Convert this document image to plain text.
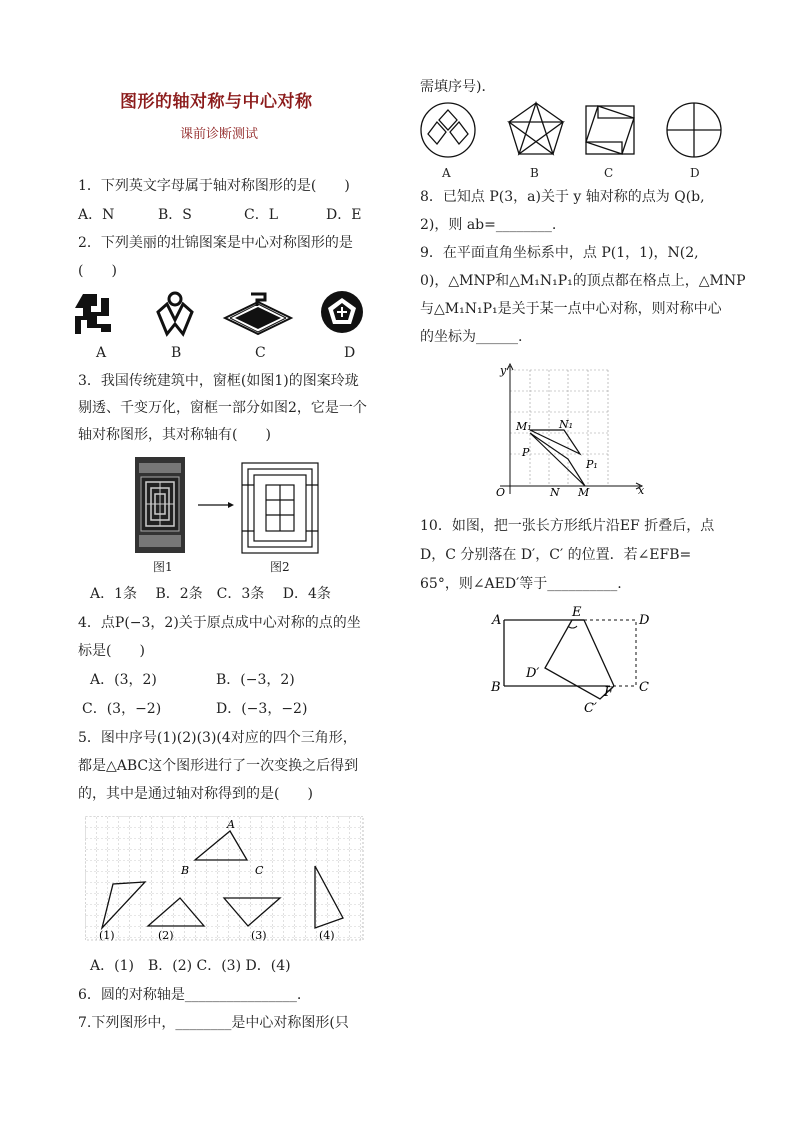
图形的轴对称与中心对称
课前诊断测试
1．下列英文字母属于轴对称图形的是(　　)
A．N	B．S	C．L	D．E
2．下列美丽的壮锦图案是中心对称图形的是
(　　)
A	B	C	D
3．我国传统建筑中，窗框(如图1)的图案玲珑
剔透、千变万化，窗框一部分如图2，它是一个
轴对称图形，其对称轴有(　　)
图1	图2
A．1条　 B．2条　C．3条　 D．4条
4．点P(−3，2)关于原点成中心对称的点的坐
标是(　　)
A．(3，2)	B．(−3，2)
C．(3，−2)	D．(−3，−2)
5．图中序号(1)(2)(3)(4对应的四个三角形，
都是△ABC这个图形进行了一次变换之后得到
的，其中是通过轴对称得到的是(　　)
A
B	C
(1)	(2)	(3)	(4)
A．(1)　B．(2) C．(3) D．(4)
6．圆的对称轴是________________.
7.下列图形中，________是中心对称图形(只
需填序号)．
A	B	C	D
8．已知点 P(3，a)关于 y 轴对称的点为 Q(b,
2)，则 ab=________.
9．在平面直角坐标系中，点 P(1，1)，N(2,
0)，△MNP和△M₁N₁P₁的顶点都在格点上，△MNP
与△M₁N₁P₁是关于某一点中心对称，则对称中心
的坐标为______.
y
x
O
M₁ N₁
P
P₁
N M
10．如图，把一张长方形纸片沿EF 折叠后，点
D，C 分别落在 D′，C′ 的位置．若∠EFB=
65°，则∠AED′等于__________.
A
E
D
D′
B	F C
C′
